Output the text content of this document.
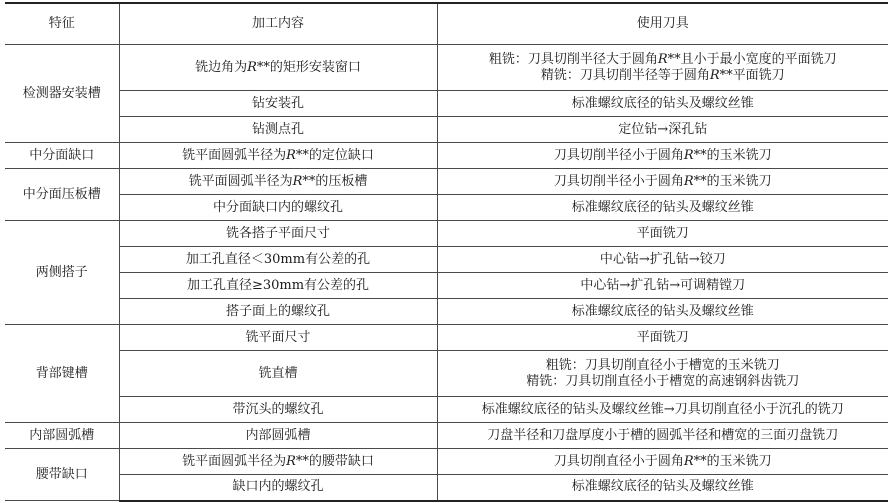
特征	加工内容	使用刀具
检测器安装槽	铣边角为R**的矩形安装窗口	粗铣：刀具切削半径大于圆角R**且小于最小宽度的平面铣刀
精铣：刀具切削半径等于圆角R**平面铣刀

	钻安装孔	标准螺纹底径的钻头及螺纹丝锥
	钻测点孔	定位钻→深孔钻
中分面缺口	铣平面圆弧半径为R**的定位缺口	刀具切削半径小于圆角R**的玉米铣刀
中分面压板槽	铣平面圆弧半径为R**的压板槽	刀具切削半径小于圆角R**的玉米铣刀
	中分面缺口内的螺纹孔	标准螺纹底径的钻头及螺纹丝锥
两侧搭子	铣各搭子平面尺寸	平面铣刀
	加工孔直径＜30mm有公差的孔	中心钻→扩孔钻→铰刀
	加工孔直径≥30mm有公差的孔	中心钻→扩孔钻→可调精镗刀
	搭子面上的螺纹孔	标准螺纹底径的钻头及螺纹丝锥
背部键槽	铣平面尺寸	平面铣刀
	铣直槽	粗铣：刀具切削直径小于槽宽的玉米铣刀
精铣：刀具切削直径小于槽宽的高速钢斜齿铣刀

	带沉头的螺纹孔	标准螺纹底径的钻头及螺纹丝锥→刀具切削直径小于沉孔的铣刀
内部圆弧槽	内部圆弧槽	刀盘半径和刀盘厚度小于槽的圆弧半径和槽宽的三面刃盘铣刀
腰带缺口	铣平面圆弧半径为R**的腰带缺口	刀具切削直径小于圆角R**的玉米铣刀
	缺口内的螺纹孔	标准螺纹底径的钻头及螺纹丝锥
